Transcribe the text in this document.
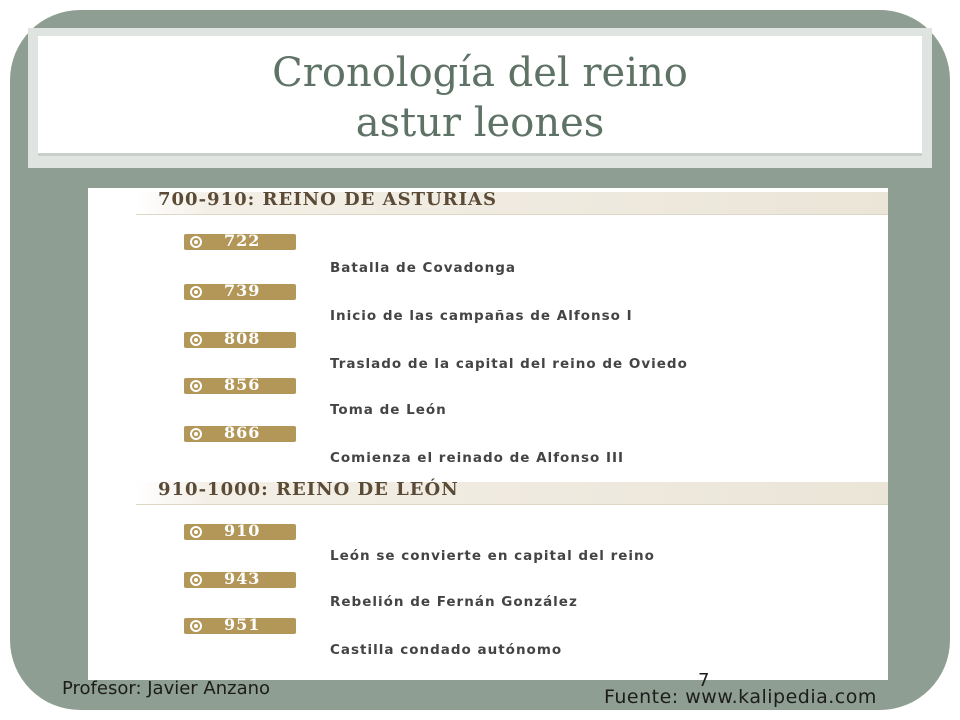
Cronología del reino
astur leones
700-910: REINO DE ASTURIAS
722
Batalla de Covadonga
739
Inicio de las campañas de Alfonso I
808
Traslado de la capital del reino de Oviedo
856
Toma de León
866
Comienza el reinado de Alfonso III
910-1000: REINO DE LEÓN
910
León se convierte en capital del reino
943
Rebelión de Fernán González
951
Castilla condado autónomo
Profesor: Javier Anzano	7
Fuente: www.kalipedia.com
